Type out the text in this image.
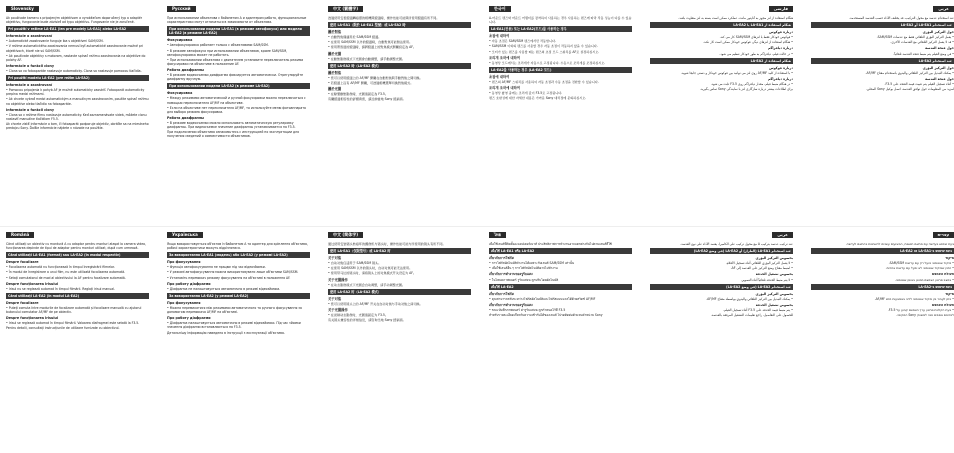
Slovensky

Ak používate kameru s pripojeným objektívom a vyrobiteľom doporučený typ a adaptér objektívu, fungovanie bude závisieť od typu objektívu. Fungovanie nie je zaručené.

Pri použití v režime LA-EA1 (len pre modely LA-EA1) alebo LA-EA2
Informácie o zaostrovaní

• Automatické zaostrovanie funguje iba s objektívmi SAM/SSM.

• V režime automatického zaostrovania nemusí byť automatické zaostrovanie možné pri objektívoch, ktoré nie sú SAM/SSM.

• Ak používate objektívy s motorom, nastavte spínač režimu zaostrovania na objektíve do polohy AF.

Informácie o funkcii clony

• Clona sa vo fotoaparáte nastavuje automaticky. Clona sa nastavuje pomocou tlačidla.

Pri použití modelu LA-EA2 (pre režim LA-EA2)
Informácie o zaostrovaní

• Pomocou pripojenia k pohyb AF je možné automaticky zaostriť. Fotoaparát automaticky prepína medzi režimami.

• Ak chcete vybrať medzi automatickým a manuálnym zaostrovaním, použite spínač režimu na objektíve alebo tlačidlo na fotoaparáte.

Informácie o funkcii clony

• Clona sa v režime filmu nastavuje automaticky. Keď zaznamenávate videá, môžete clonu nastaviť manuálne tlačidlom F5.5.

Ak chcete zistiť informácie o tom, či fotoaparát podporuje objektív, obráťte sa na miestneho predajcu Sony. Ďalšie informácie nájdete v návode na použitie.

Русский

При использовании объектива с байонетом A и адаптером работа, функциональные характеристики могут отличаться в зависимости от объектива.

При использовании модели LA-EA1 (в режиме автофокуса) или модели LA-EA2 (в режиме LA-EA2)
Фокусировка

• Автофокусировка работает только с объективами SAM/SSM.

• В режиме автофокуса при использовании объективов, кроме SAM/SSM, автофокусировка может не работать.

• При использовании объектива с двигателем установите переключатель режима фокусировки на объективе в положение AF.

Работа диафрагмы

• В режиме видеосъемки диафрагма фиксируется автоматически. Отрегулируйте диафрагму вручную.

При использовании модели LA-EA2 (в режиме LA-EA2)
Фокусировка

• Между режимами автоматической и ручной фокусировки можно переключаться с помощью переключателя AF/MF на объективе.

• Если на объективе нет переключателя AF/MF, то используйте меню фотоаппарата для выбора режима фокусировки.

Работа диафрагмы

• В режиме видеосъемки можно использовать автоматическую регулировку диафрагмы. При видеосъемке значение диафрагмы устанавливается на F3.5.

При подключении объектива ознакомьтесь с инструкцией по эксплуатации для получения сведений о совместимости объективов.

中文 (繁體字)

透過使用安裝鏡頭轉接環的相機與鏡頭時，操作性能可能與所使用鏡頭有所不同。

使用 LA-EA1（限於 LA-EA1 型號）或 LA-EA2 時
關於對焦

• 自動對焦僅適用於 SAM/SSM 鏡頭。

• 在使用 SAM/SSM 以外的鏡頭時，自動對焦可能無法使用。

• 使用帶馬達的鏡頭時，請將鏡頭上的對焦模式開關設定為 AF。

關於光圈

• 在動態影像模式下光圈會自動調整，請手動調整光圈。

使用 LA-EA2 時（LA-EA2 模式）
關於對焦

• 您可以使用鏡頭上的 AF/MF 開關在自動對焦與手動對焦之間切換。

• 若鏡頭上沒有 AF/MF 開關，可透過相機選單切換對焦模式。

關於光圈

• 在錄製動態影像時，光圈值固定為 F3.5。

有關鏡頭相容性的詳細資訊，請洽詢當地 Sony 經銷商。

한국어

A-마운트 렌즈와 마운트 어댑터를 장착하여 사용하는 경우 사용하는 렌즈에 따라 작동 성능이 다를 수 있습니다.

LA-EA1(전용) 또는 LA-EA2(모드)를 사용하는 경우
초점에 대하여

• 자동 초점은 SAM/SSM 렌즈에서만 작동합니다.

• SAM/SSM 이외의 렌즈를 사용할 경우 자동 초점이 작동하지 않을 수 있습니다.

• 모터가 있는 렌즈를 사용할 때는 렌즈의 초점 모드 스위치를 AF로 설정하십시오.

조리개 조작에 대하여

• 동영상 모드에서는 조리개가 자동으로 고정됩니다. 수동으로 조리개를 조정하십시오.

LA-EA2를 사용하는 경우 (LA-EA2 모드)
초점에 대하여

• 렌즈의 AF/MF 스위치를 사용하여 자동 초점과 수동 초점을 전환할 수 있습니다.

조리개 조작에 대하여

• 동영상 촬영 중에는 조리개 값이 F3.5로 고정됩니다.

렌즈 호환성에 대한 자세한 내용은 가까운 Sony 대리점에 문의하십시오.

فارسی

هنگام استفاده از لنز مجهز به آداپتور مانت، عملکرد ممکن است بسته به لنز متفاوت باشد.

هنگام استفاده از LA-EA1 یا LA-EA2
درباره فوکوس

• فوکوس خودکار فقط با لنزهای SAM/SSM کار می کند.

• هنگام استفاده از لنزهای دیگر، فوکوس خودکار ممکن است کار نکند.

درباره دیافراگم

• در حالت فیلم، دیافراگم به طور خودکار تنظیم می شود.

هنگام استفاده از LA-EA2
درباره فوکوس

• با استفاده از کلید AF/MF روی لنز می توانید بین فوکوس خودکار و دستی جابجا شوید.

درباره دیافراگم

• در هنگام ضبط فیلم، مقدار دیافراگم روی F3.5 ثابت می شود.

برای اطلاعات بیشتر درباره سازگاری لنز با نمایندگی Sony تماس بگیرید.

عربي

عند استخدام عدسة مع محول التركيب، قد يختلف الأداء حسب العدسة المستخدمة.

عند استخدام LA-EA1 أو LA-EA2
حول التركيز البؤري

• يعمل التركيز البؤري التلقائي فقط مع عدسات SAM/SSM.

• قد لا يعمل التركيز التلقائي مع العدسات الأخرى.

حول فتحة العدسة

• في وضع الفيلم يتم ضبط فتحة العدسة تلقائياً.

عند استخدام LA-EA2
حول التركيز البؤري

• يمكنك التبديل بين التركيز التلقائي واليدوي باستخدام مفتاح AF/MF.

حول فتحة العدسة

• أثناء تسجيل الفيلم يتم تثبيت قيمة الفتحة على F3.5.

لمزيد من المعلومات حول توافق العدسة، اتصل بوكيل Sony المحلي.

Română

Când utilizați un obiectiv cu montură A cu adaptor pentru monturi atașat la camera video, funcționarea depinde de tipul de adaptor pentru monturi utilizat, după cum urmează.

Când utilizați LA-EA1 (format) sau LA-EA2 (în modul respectiv)
Despre focalizare

• Focalizarea automată nu funcționează în timpul înregistrării filmelor.

• În modul de înregistrare a unui film, nu este utilizată focalizarea automată.

• Setați comutatorul de mod al obiectivului la AF pentru focalizare automată.

Despre funcționarea irisului

• Irisul nu se reglează automat în timpul filmării. Reglați irisul manual.

Când utilizați LA-EA2 (în modul LA-EA2)
Despre focalizare

• Puteți comuta între modurile de focalizare automată și focalizare manuală cu ajutorul butonului comutator AF/MF de pe obiectiv.

Despre funcționarea irisului

• Irisul se reglează automat în timpul filmării. Valoarea diafragmei este setată la F3.5.

Pentru detalii, consultați instrucțiunile de utilizare furnizate cu obiectivul.

Українська

Якщо використовується об'єктив із байонетом A та адаптер для кріплення об'єктива, робочі характеристики можуть відрізнятися.

За використання LA-EA1 (модель) або LA-EA2 (у режимі LA-EA2)
Про фокусування

• Функція автофокусування не працює під час відеозйомки.

• У режимі автофокусування можна використовувати лише об'єктиви SAM/SSM.

• Установіть перемикач режиму фокусування на об'єктиві в положення AF.

Про роботу діафрагми

• Діафрагма не налаштовується автоматично в режимі відеозйомки.

За використання LA-EA2 (у режимі LA-EA2)
Про фокусування

• Можна перемикатися між режимами автоматичного та ручного фокусування за допомогою перемикача AF/MF на об'єктиві.

Про роботу діафрагми

• Діафрагма налаштовується автоматично в режимі відеозйомки. Під час зйомки значення діафрагми встановлюється на F3.5.

Детальнішу інформацію наведено в інструкції з експлуатації об'єктива.

中文 (简体字)

通过使用安装镜头转接环的摄像机与镜头时，操作性能可能与所使用的镜头有所不同。

使用 LA-EA1（仅限型号）或 LA-EA2 时
关于对焦

• 自动对焦仅适用于 SAM/SSM 镜头。

• 在使用 SAM/SSM 以外的镜头时，自动对焦可能无法使用。

• 使用带马达的镜头时，请将镜头上的对焦模式开关设定为 AF。

关于光圈操作

• 在动态影像模式下光圈会自动调整，请手动调整光圈。

使用 LA-EA2 时（LA-EA2 模式）
关于对焦

• 您可以使用镜头上的 AF/MF 开关在自动对焦与手动对焦之间切换。

关于光圈操作

• 在录制动态影像时，光圈值固定为 F3.5。

有关镜头兼容性的详细信息，请咨询当地 Sony 经销商。

ไทย

เมื่อใช้เลนส์ที่ติดตั้งอะแดปเตอร์เมาท์ ประสิทธิภาพการทำงานอาจแตกต่างกันไปตามเลนส์ที่ใช้

เมื่อใช้ LA-EA1 หรือ LA-EA2
เกี่ยวกับการโฟกัส

• การโฟกัสอัตโนมัติทำงานได้เฉพาะกับเลนส์ SAM/SSM เท่านั้น

• เมื่อใช้เลนส์อื่น ๆ การโฟกัสอัตโนมัติอาจไม่ทำงาน

เกี่ยวกับการทำงานของรูรับแสง

• ในโหมดภาพยนตร์ รูรับแสงจะถูกปรับโดยอัตโนมัติ

เมื่อใช้ LA-EA2
เกี่ยวกับการโฟกัส

• คุณสามารถสลับระหว่างโฟกัสอัตโนมัติและโฟกัสแมนนวลได้ด้วยสวิตช์ AF/MF

เกี่ยวกับการทำงานของรูรับแสง

• ขณะบันทึกภาพยนตร์ ค่ารูรับแสงจะถูกกำหนดไว้ที่ F3.5

สำหรับรายละเอียดเกี่ยวกับความเข้ากันได้ของเลนส์ โปรดติดต่อตัวแทนจำหน่าย Sony

عربي

عند تركيب عدسة بتركيب A مع محول تركيب على الكاميرا، يعتمد الأداء على نوع العدسة.

عند استخدام LA-EA1 (الطراز) أو LA-EA2 (في وضع LA-EA2)
بخصوص التركيز البؤري

• لا يعمل التركيز البؤري التلقائي أثناء تسجيل الأفلام.

• اضبط مفتاح وضع التركيز على العدسة إلى AF.

بخصوص تشغيل الحدقة

• لا يتم ضبط الحدقة تلقائياً أثناء التصوير.

عند استخدام LA-EA2 (في وضع LA-EA2)
بخصوص التركيز البؤري

• يمكنك التبديل بين التركيز التلقائي واليدوي بواسطة مفتاح AF/MF.

بخصوص تشغيل الحدقة

• يتم ضبط قيمة الحدقة على F3.5 أثناء تسجيل الفيلم.

للحصول على التفاصيل، راجع تعليمات التشغيل المرفقة بالعدسة.

עברית

בעת שימוש בעדשה עם מתאם תושבת, הביצועים עשויים להשתנות בהתאם לעדשה.

בעת שימוש ב-LA-EA1 או LA-EA2
מיקוד

• מיקוד אוטומטי פועל רק עם עדשות SAM/SSM.

• ייתכן שמיקוד אוטומטי לא יפעל עם עדשות אחרות.

פעולת הצמצם

• במצב סרטון הצמצם מכוונן באופן אוטומטי.

בעת שימוש ב-LA-EA2
מיקוד

• ניתן לעבור בין מיקוד אוטומטי לידני באמצעות מתג AF/MF.

פעולת הצמצם

• בעת הקלטת סרטון ערך הצמצם קבוע על F3.5.

לפרטים נוספים פנה למשווק Sony המקומי.
